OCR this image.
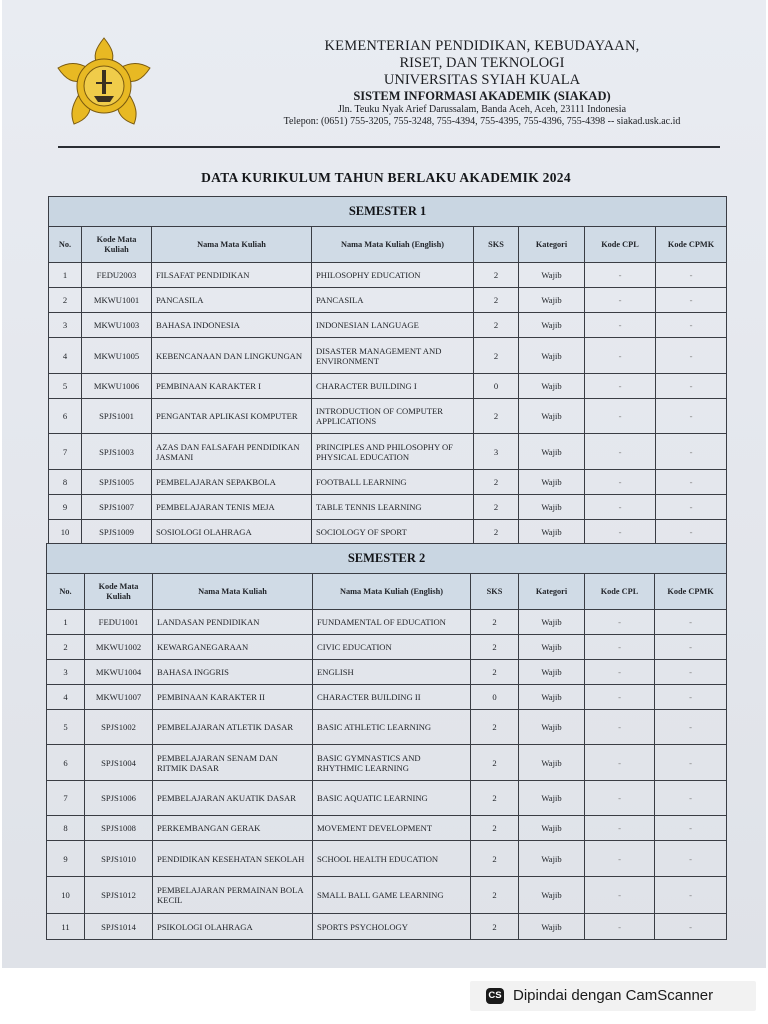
KEMENTERIAN PENDIDIKAN, KEBUDAYAAN,
RISET, DAN TEKNOLOGI
UNIVERSITAS SYIAH KUALA
SISTEM INFORMASI AKADEMIK (SIAKAD)
Jln. Teuku Nyak Arief Darussalam, Banda Aceh, Aceh, 23111 Indonesia
Telepon: (0651) 755-3205, 755-3248, 755-4394, 755-4395, 755-4396, 755-4398 -- siakad.usk.ac.id
DATA KURIKULUM TAHUN BERLAKU AKADEMIK 2024
SEMESTER 1							
No.	Kode Mata Kuliah	Nama Mata Kuliah	Nama Mata Kuliah (English)	SKS	Kategori	Kode CPL	Kode CPMK
1	FEDU2003	FILSAFAT PENDIDIKAN	PHILOSOPHY EDUCATION	2	Wajib	-	-
2	MKWU1001	PANCASILA	PANCASILA	2	Wajib	-	-
3	MKWU1003	BAHASA INDONESIA	INDONESIAN LANGUAGE	2	Wajib	-	-
4	MKWU1005	KEBENCANAAN DAN LINGKUNGAN	DISASTER MANAGEMENT AND ENVIRONMENT	2	Wajib	-	-
5	MKWU1006	PEMBINAAN KARAKTER I	CHARACTER BUILDING I	0	Wajib	-	-
6	SPJS1001	PENGANTAR APLIKASI KOMPUTER	INTRODUCTION OF COMPUTER APPLICATIONS	2	Wajib	-	-
7	SPJS1003	AZAS DAN FALSAFAH PENDIDIKAN JASMANI	PRINCIPLES AND PHILOSOPHY OF PHYSICAL EDUCATION	3	Wajib	-	-
8	SPJS1005	PEMBELAJARAN SEPAKBOLA	FOOTBALL LEARNING	2	Wajib	-	-
9	SPJS1007	PEMBELAJARAN TENIS MEJA	TABLE TENNIS LEARNING	2	Wajib	-	-
10	SPJS1009	SOSIOLOGI OLAHRAGA	SOCIOLOGY OF SPORT	2	Wajib	-	-
SEMESTER 2							
No.	Kode Mata Kuliah	Nama Mata Kuliah	Nama Mata Kuliah (English)	SKS	Kategori	Kode CPL	Kode CPMK
1	FEDU1001	LANDASAN PENDIDIKAN	FUNDAMENTAL OF EDUCATION	2	Wajib	-	-
2	MKWU1002	KEWARGANEGARAAN	CIVIC EDUCATION	2	Wajib	-	-
3	MKWU1004	BAHASA INGGRIS	ENGLISH	2	Wajib	-	-
4	MKWU1007	PEMBINAAN KARAKTER II	CHARACTER BUILDING II	0	Wajib	-	-
5	SPJS1002	PEMBELAJARAN ATLETIK DASAR	BASIC ATHLETIC LEARNING	2	Wajib	-	-
6	SPJS1004	PEMBELAJARAN SENAM DAN RITMIK DASAR	BASIC GYMNASTICS AND RHYTHMIC LEARNING	2	Wajib	-	-
7	SPJS1006	PEMBELAJARAN AKUATIK DASAR	BASIC AQUATIC LEARNING	2	Wajib	-	-
8	SPJS1008	PERKEMBANGAN GERAK	MOVEMENT DEVELOPMENT	2	Wajib	-	-
9	SPJS1010	PENDIDIKAN KESEHATAN SEKOLAH	SCHOOL HEALTH EDUCATION	2	Wajib	-	-
10	SPJS1012	PEMBELAJARAN PERMAINAN BOLA KECIL	SMALL BALL GAME LEARNING	2	Wajib	-	-
11	SPJS1014	PSIKOLOGI OLAHRAGA	SPORTS PSYCHOLOGY	2	Wajib	-	-
CS Dipindai dengan CamScanner
